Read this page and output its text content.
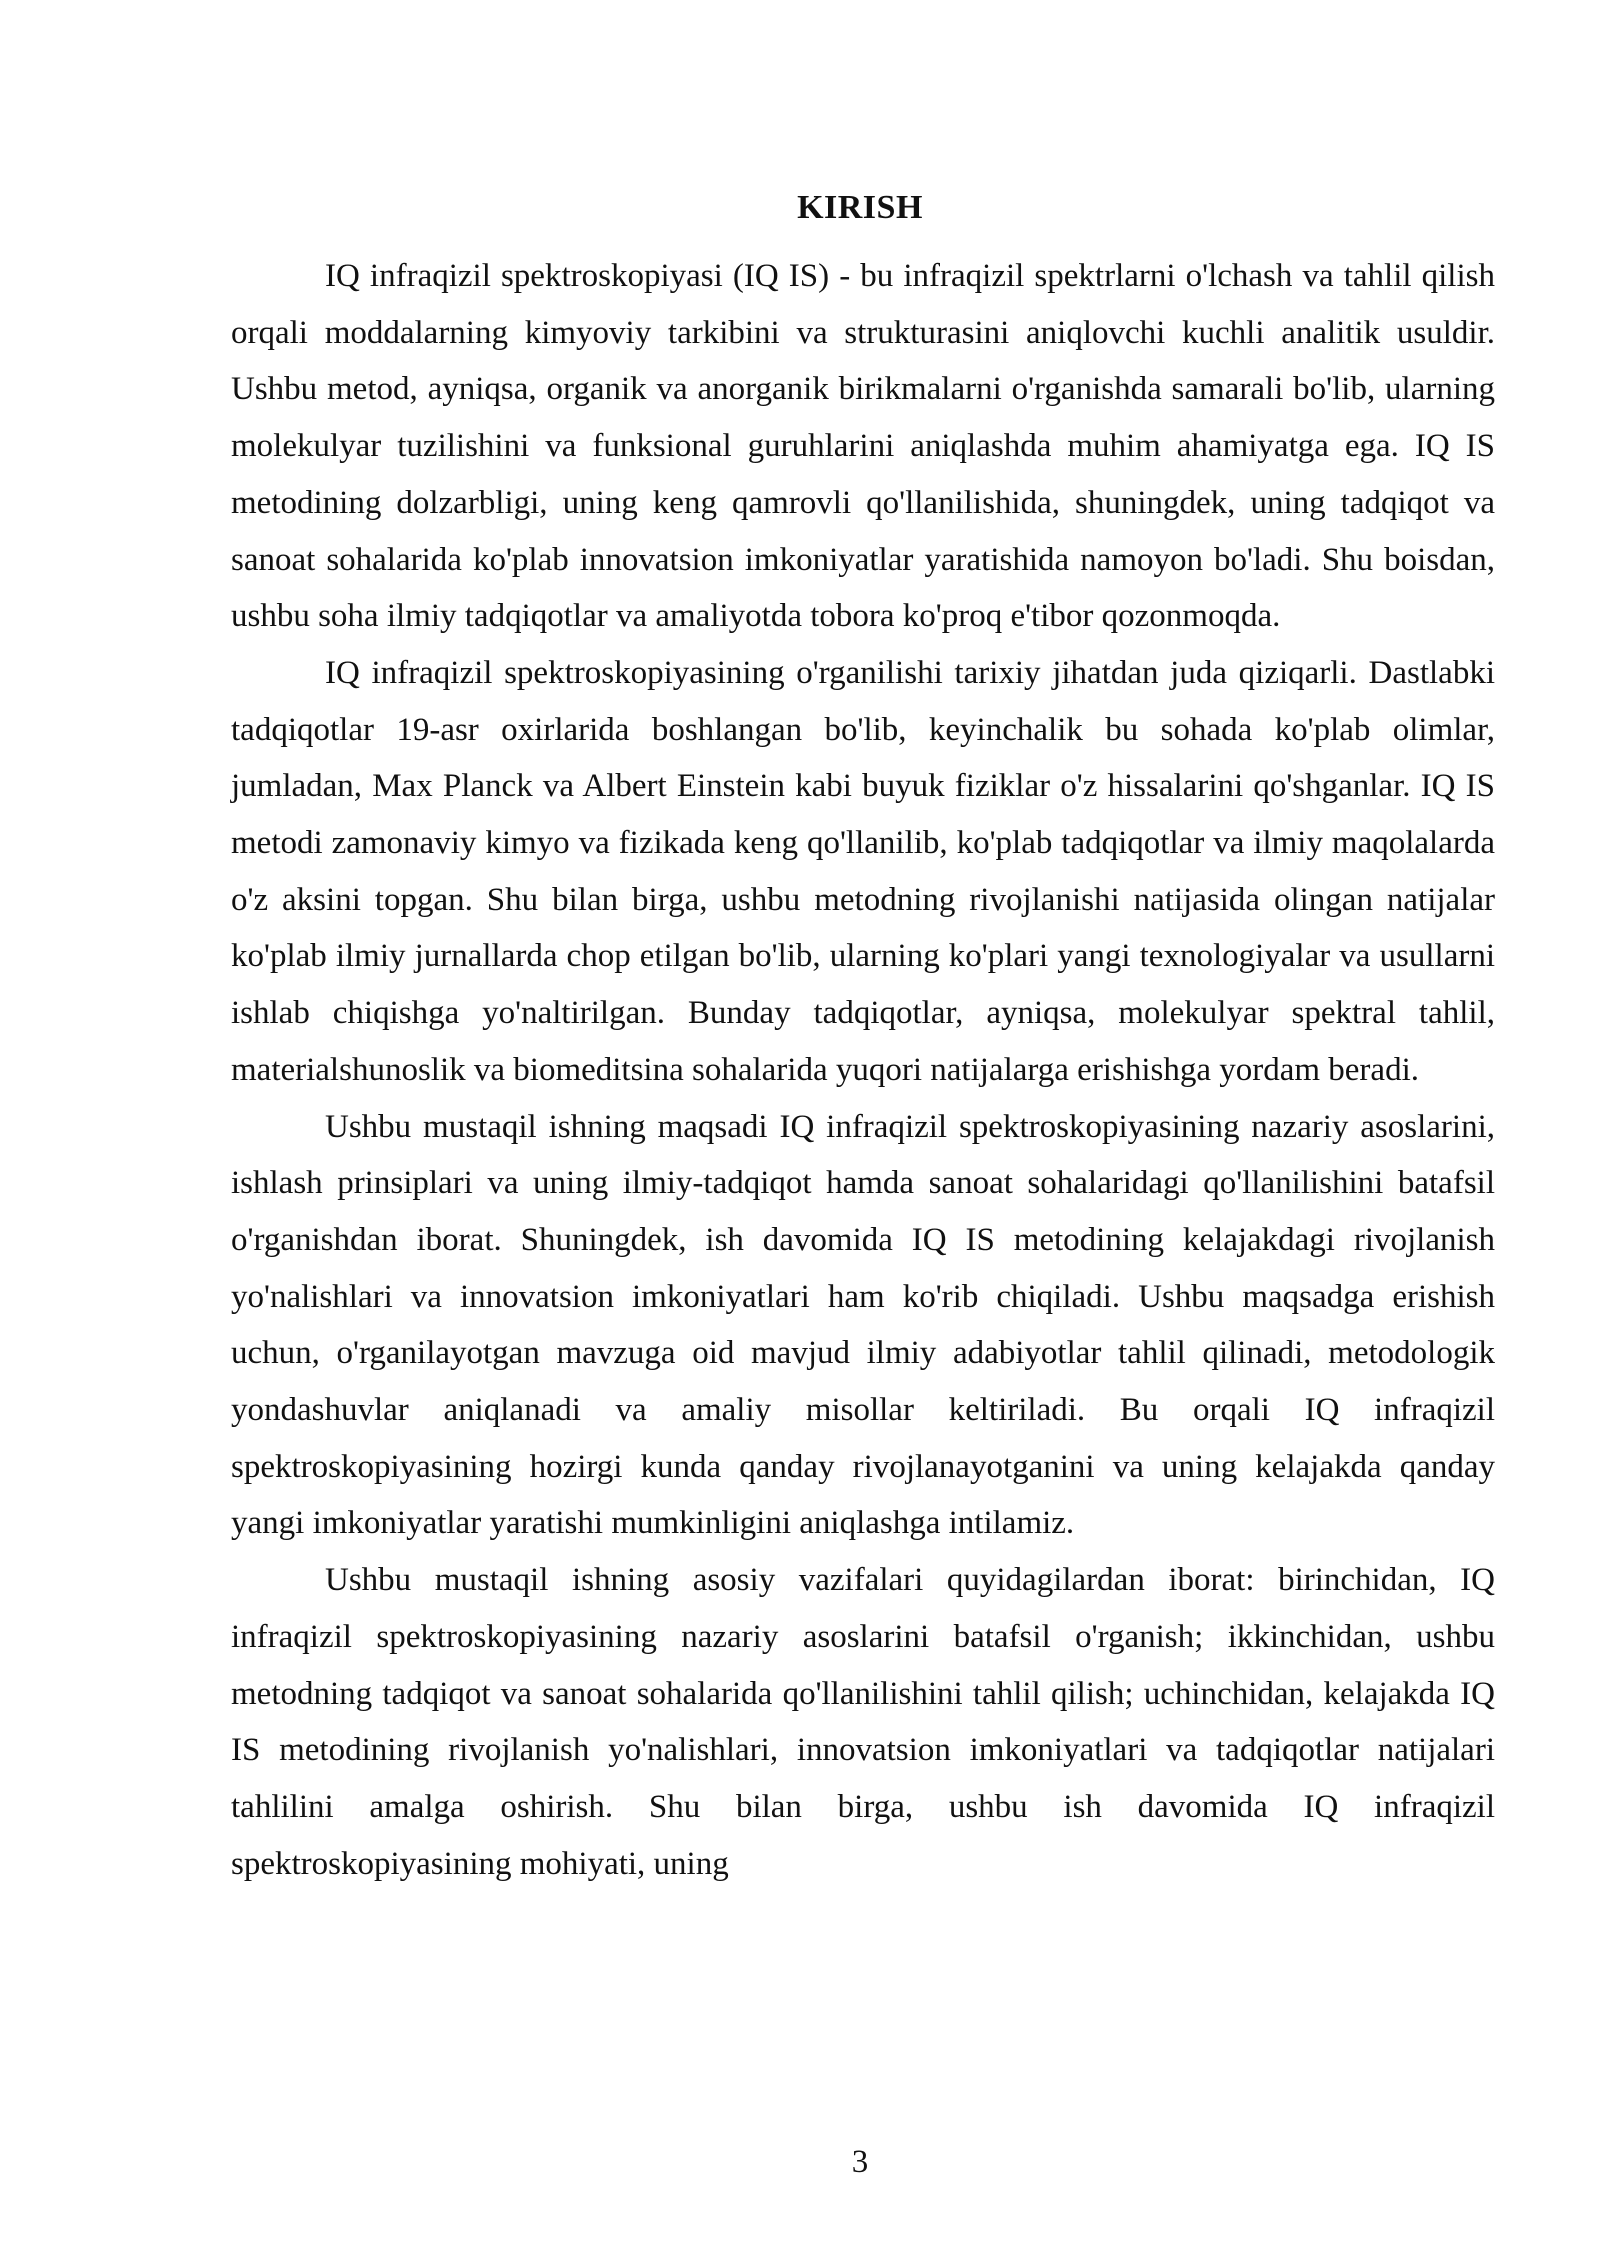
KIRISH

IQ infraqizil spektroskopiyasi (IQ IS) - bu infraqizil spektrlarni o'lchash va tahlil qilish orqali moddalarning kimyoviy tarkibini va strukturasini aniqlovchi kuchli analitik usuldir. Ushbu metod, ayniqsa, organik va anorganik birikmalarni o'rganishda samarali bo'lib, ularning molekulyar tuzilishini va funksional guruhlarini aniqlashda muhim ahamiyatga ega. IQ IS metodining dolzarbligi, uning keng qamrovli qo'llanilishida, shuningdek, uning tadqiqot va sanoat sohalarida ko'plab innovatsion imkoniyatlar yaratishida namoyon bo'ladi. Shu boisdan, ushbu soha ilmiy tadqiqotlar va amaliyotda tobora ko'proq e'tibor qozonmoqda.

IQ infraqizil spektroskopiyasining o'rganilishi tarixiy jihatdan juda qiziqarli. Dastlabki tadqiqotlar 19-asr oxirlarida boshlangan bo'lib, keyinchalik bu sohada ko'plab olimlar, jumladan, Max Planck va Albert Einstein kabi buyuk fiziklar o'z hissalarini qo'shganlar. IQ IS metodi zamonaviy kimyo va fizikada keng qo'llanilib, ko'plab tadqiqotlar va ilmiy maqolalarda o'z aksini topgan. Shu bilan birga, ushbu metodning rivojlanishi natijasida olingan natijalar ko'plab ilmiy jurnallarda chop etilgan bo'lib, ularning ko'plari yangi texnologiyalar va usullarni ishlab chiqishga yo'naltirilgan. Bunday tadqiqotlar, ayniqsa, molekulyar spektral tahlil, materialshunoslik va biomeditsina sohalarida yuqori natijalarga erishishga yordam beradi.

Ushbu mustaqil ishning maqsadi IQ infraqizil spektroskopiyasining nazariy asoslarini, ishlash prinsiplari va uning ilmiy-tadqiqot hamda sanoat sohalaridagi qo'llanilishini batafsil o'rganishdan iborat. Shuningdek, ish davomida IQ IS metodining kelajakdagi rivojlanish yo'nalishlari va innovatsion imkoniyatlari ham ko'rib chiqiladi. Ushbu maqsadga erishish uchun, o'rganilayotgan mavzuga oid mavjud ilmiy adabiyotlar tahlil qilinadi, metodologik yondashuvlar aniqlanadi va amaliy misollar keltiriladi. Bu orqali IQ infraqizil spektroskopiyasining hozirgi kunda qanday rivojlanayotganini va uning kelajakda qanday yangi imkoniyatlar yaratishi mumkinligini aniqlashga intilamiz.

Ushbu mustaqil ishning asosiy vazifalari quyidagilardan iborat: birinchidan, IQ infraqizil spektroskopiyasining nazariy asoslarini batafsil o'rganish; ikkinchidan, ushbu metodning tadqiqot va sanoat sohalarida qo'llanilishini tahlil qilish; uchinchidan, kelajakda IQ IS metodining rivojlanish yo'nalishlari, innovatsion imkoniyatlari va tadqiqotlar natijalari tahlilini amalga oshirish. Shu bilan birga, ushbu ish davomida IQ infraqizil spektroskopiyasining mohiyati, uning

3
